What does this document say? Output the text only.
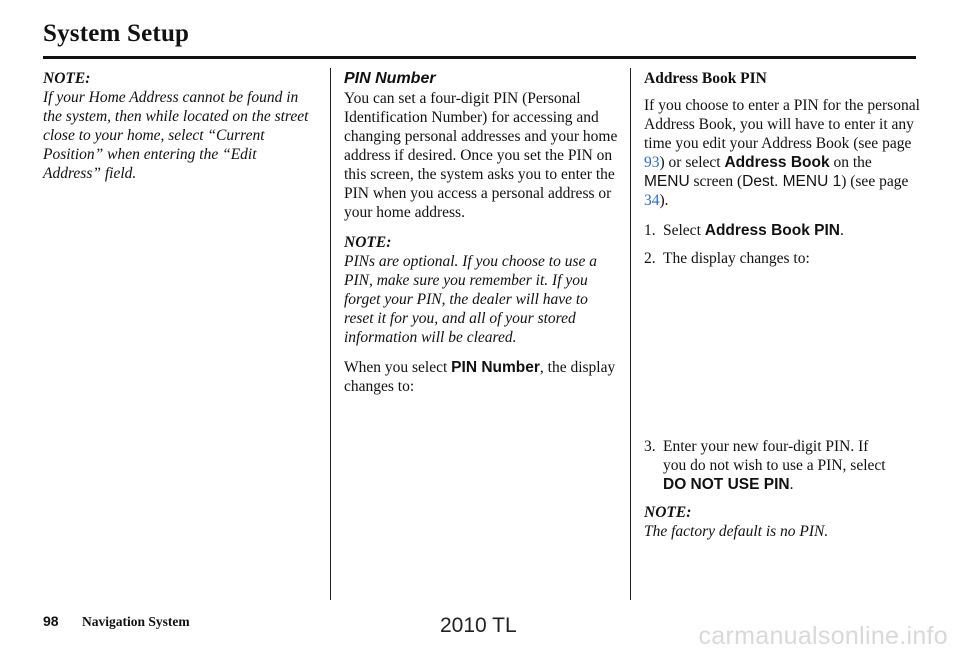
System Setup

NOTE:
If your Home Address cannot be found in the system, then while located on the street close to your home, select “Current Position” when entering the “Edit Address” field.

PIN Number

You can set a four-digit PIN (Personal Identification Number) for accessing and changing personal addresses and your home address if desired. Once you set the PIN on this screen, the system asks you to enter the PIN when you access a personal address or your home address.

NOTE:
PINs are optional. If you choose to use a PIN, make sure you remember it. If you forget your PIN, the dealer will have to reset it for you, and all of your stored information will be cleared.

When you select PIN Number, the display changes to:

Address Book PIN

If you choose to enter a PIN for the personal Address Book, you will have to enter it any time you edit your Address Book (see page 93) or select Address Book on the MENU screen (Dest. MENU 1) (see page 34).

1. Select Address Book PIN.
2. The display changes to:
3. Enter your new four-digit PIN. If
you do not wish to use a PIN, select
DO NOT USE PIN.

NOTE:
The factory default is no PIN.

98 Navigation System	2010 TL	carmanualsonline.info
